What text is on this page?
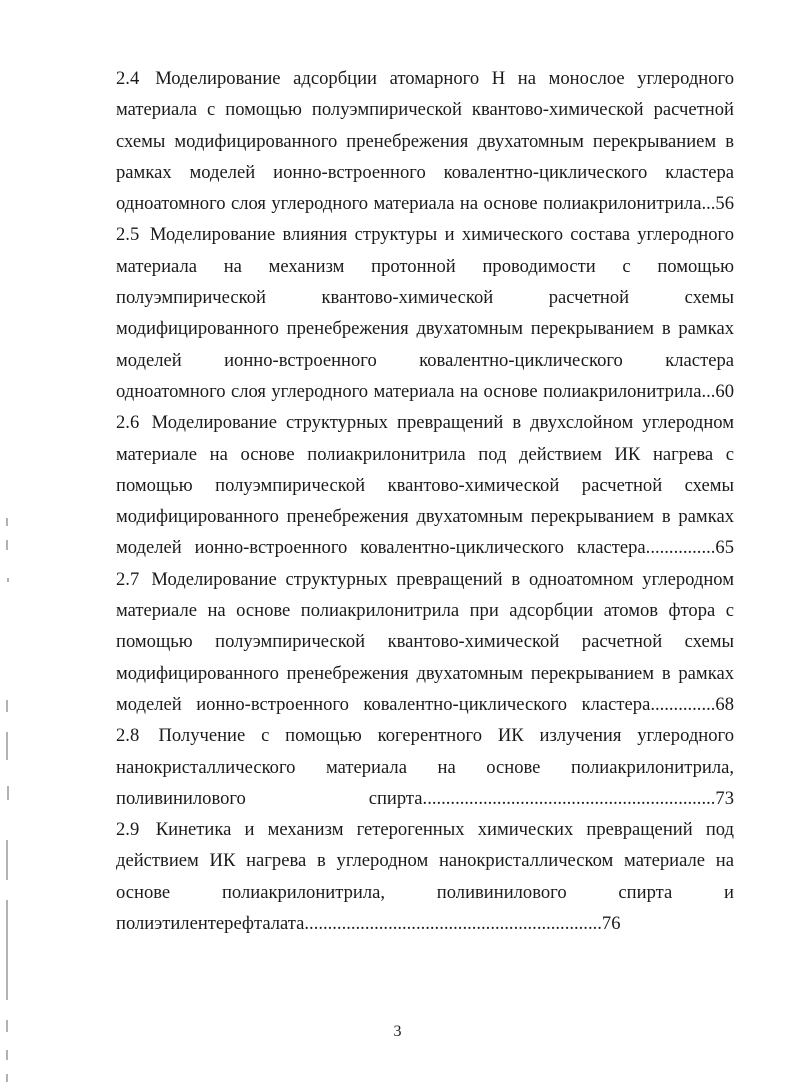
2.4 Моделирование адсорбции атомарного Н на монослое углеродного материала с помощью полуэмпирической квантово-химической расчетной схемы модифицированного пренебрежения двухатомным перекрыванием в рамках моделей ионно-встроенного ковалентно-циклического кластера одноатомного слоя углеродного материала на основе полиакрилонитрила...56

2.5 Моделирование влияния структуры и химического состава углеродного материала на механизм протонной проводимости с помощью полуэмпирической квантово-химической расчетной схемы модифицированного пренебрежения двухатомным перекрыванием в рамках моделей ионно-встроенного ковалентно-циклического кластера одноатомного слоя углеродного материала на основе полиакрилонитрила...60

2.6 Моделирование структурных превращений в двухслойном углеродном материале на основе полиакрилонитрила под действием ИК нагрева с помощью полуэмпирической квантово-химической расчетной схемы модифицированного пренебрежения двухатомным перекрыванием в рамках моделей ионно-встроенного ковалентно-циклического кластера...............65

2.7 Моделирование структурных превращений в одноатомном углеродном материале на основе полиакрилонитрила при адсорбции атомов фтора с помощью полуэмпирической квантово-химической расчетной схемы модифицированного пренебрежения двухатомным перекрыванием в рамках моделей ионно-встроенного ковалентно-циклического кластера..............68

2.8 Получение с помощью когерентного ИК излучения углеродного нанокристаллического материала на основе полиакрилонитрила, поливинилового спирта...............................................................73

2.9 Кинетика и механизм гетерогенных химических превращений под действием ИК нагрева в углеродном нанокристаллическом материале на основе полиакрилонитрила, поливинилового спирта и полиэтилентерефталата................................................................76

3
